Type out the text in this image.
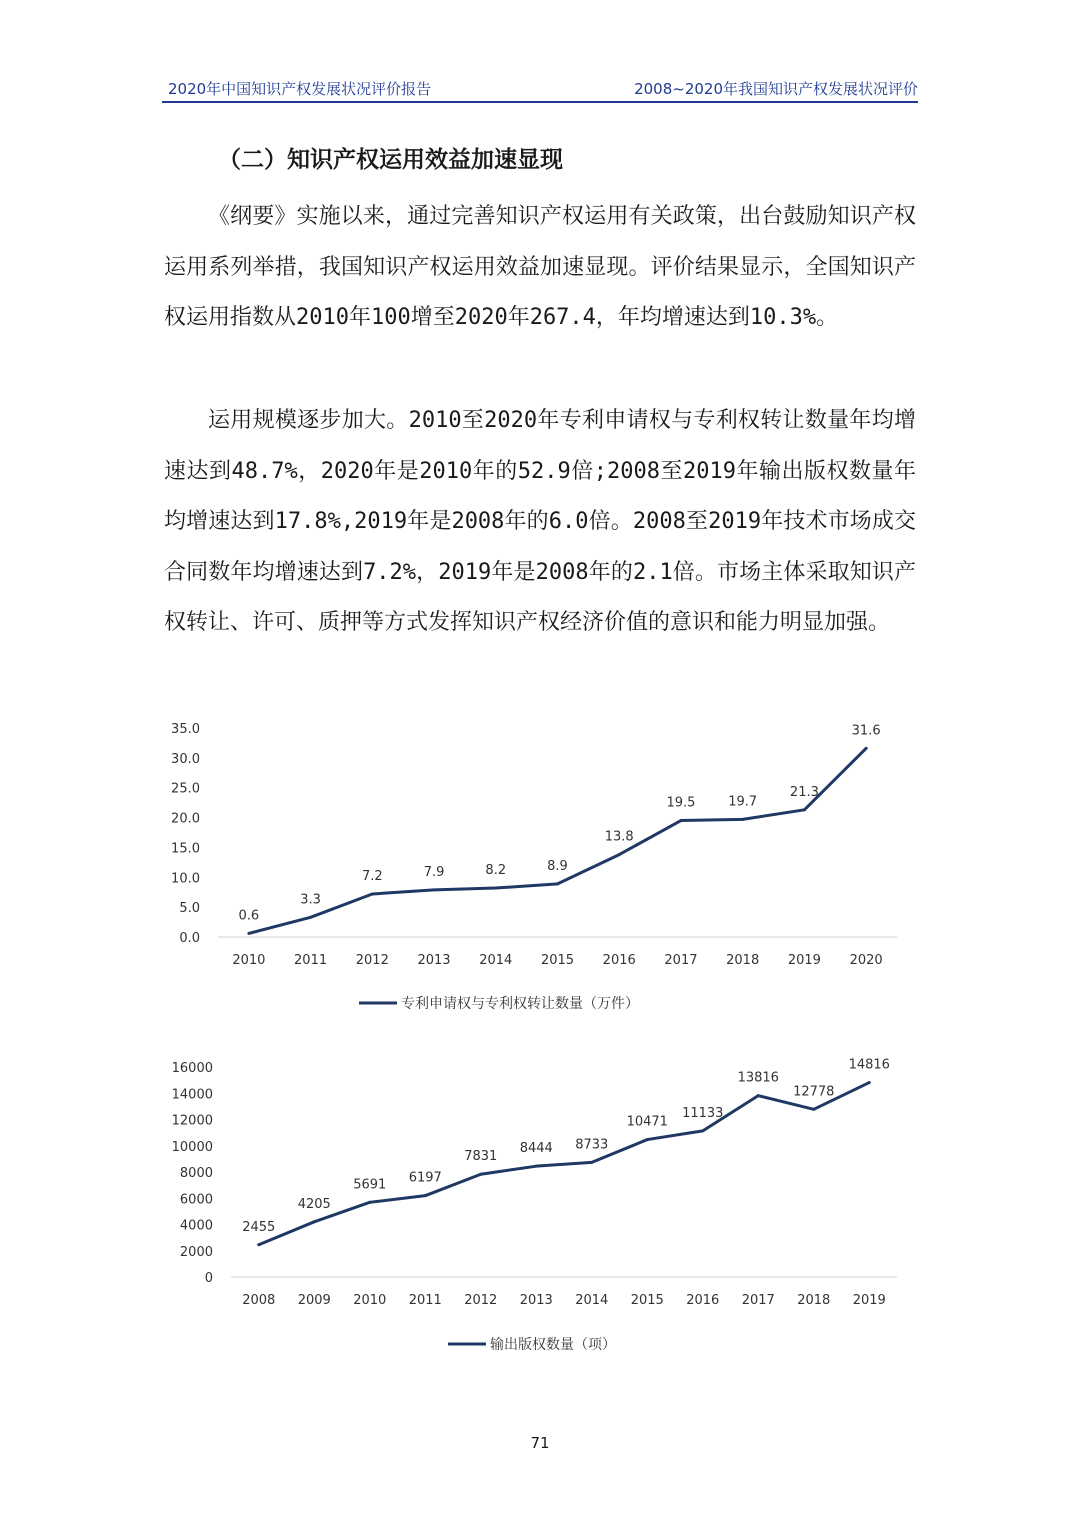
2020年中国知识产权发展状况评价报告	2008~2020年我国知识产权发展状况评价
（二）知识产权运用效益加速显现
《纲要》实施以来，通过完善知识产权运用有关政策，出台鼓励知识产权运用系列举措，我国知识产权运用效益加速显现。评价结果显示，全国知识产权运用指数从2010年100增至2020年267.4，年均增速达到10.3%。
运用规模逐步加大。2010至2020年专利申请权与专利权转让数量年均增速达到48.7%，2020年是2010年的52.9倍;2008至2019年输出版权数量年均增速达到17.8%,2019年是2008年的6.0倍。2008至2019年技术市场成交合同数年均增速达到7.2%，2019年是2008年的2.1倍。市场主体采取知识产权转让、许可、质押等方式发挥知识产权经济价值的意识和能力明显加强。
0.0
5.0
10.0
15.0
20.0
25.0
30.0
35.0
2010 2011 2012 2013 2014 2015 2016 2017 2018 2019 2020
0.6
3.3
7.2	7.9	8.2	8.9
13.8
19.5	19.7
21.3
31.6
专利申请权与专利权转让数量（万件）
0
2000
4000
6000
8000
10000
12000
14000
16000
2008 2009 2010 2011 2012 2013 2014 2015 2016 2017 2018 2019
2455
4205
5691 6197
7831
8444 8733
10471
11133
13816
12778
14816
输出版权数量（项）
71
